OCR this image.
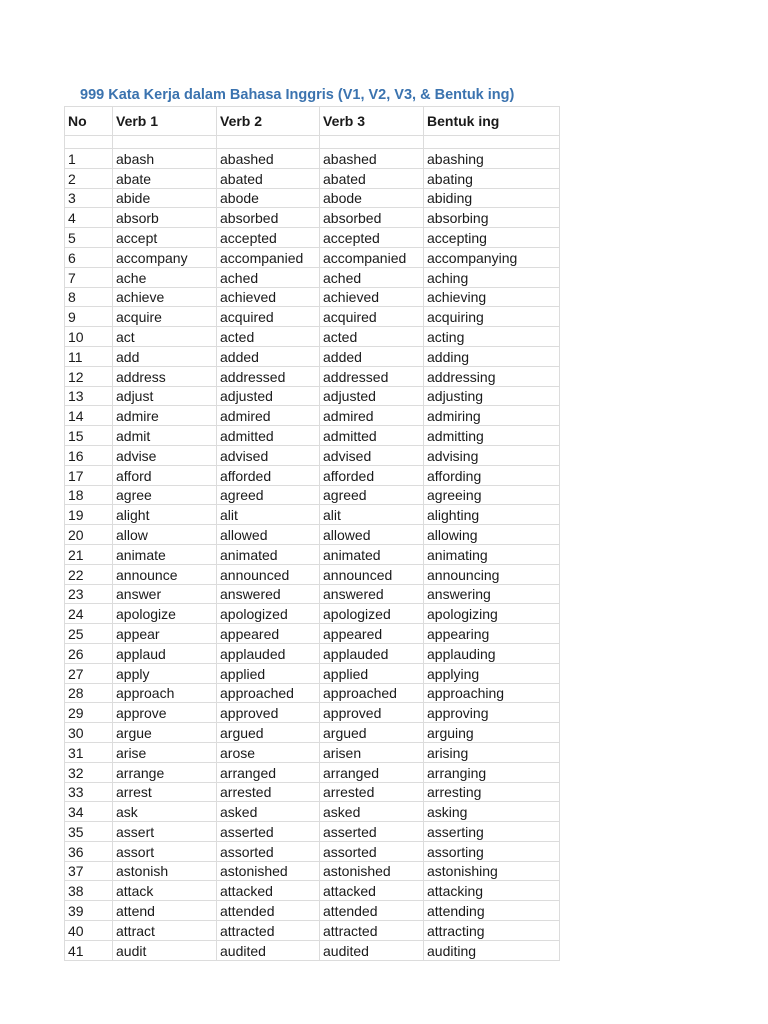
999 Kata Kerja dalam Bahasa Inggris (V1, V2, V3, & Bentuk ing)
No	Verb 1	Verb 2	Verb 3	Bentuk ing

1	abash	abashed	abashed	abashing
2	abate	abated	abated	abating
3	abide	abode	abode	abiding
4	absorb	absorbed	absorbed	absorbing
5	accept	accepted	accepted	accepting
6	accompany	accompanied	accompanied	accompanying
7	ache	ached	ached	aching
8	achieve	achieved	achieved	achieving
9	acquire	acquired	acquired	acquiring
10	act	acted	acted	acting
11	add	added	added	adding
12	address	addressed	addressed	addressing
13	adjust	adjusted	adjusted	adjusting
14	admire	admired	admired	admiring
15	admit	admitted	admitted	admitting
16	advise	advised	advised	advising
17	afford	afforded	afforded	affording
18	agree	agreed	agreed	agreeing
19	alight	alit	alit	alighting
20	allow	allowed	allowed	allowing
21	animate	animated	animated	animating
22	announce	announced	announced	announcing
23	answer	answered	answered	answering
24	apologize	apologized	apologized	apologizing
25	appear	appeared	appeared	appearing
26	applaud	applauded	applauded	applauding
27	apply	applied	applied	applying
28	approach	approached	approached	approaching
29	approve	approved	approved	approving
30	argue	argued	argued	arguing
31	arise	arose	arisen	arising
32	arrange	arranged	arranged	arranging
33	arrest	arrested	arrested	arresting
34	ask	asked	asked	asking
35	assert	asserted	asserted	asserting
36	assort	assorted	assorted	assorting
37	astonish	astonished	astonished	astonishing
38	attack	attacked	attacked	attacking
39	attend	attended	attended	attending
40	attract	attracted	attracted	attracting
41	audit	audited	audited	auditing
